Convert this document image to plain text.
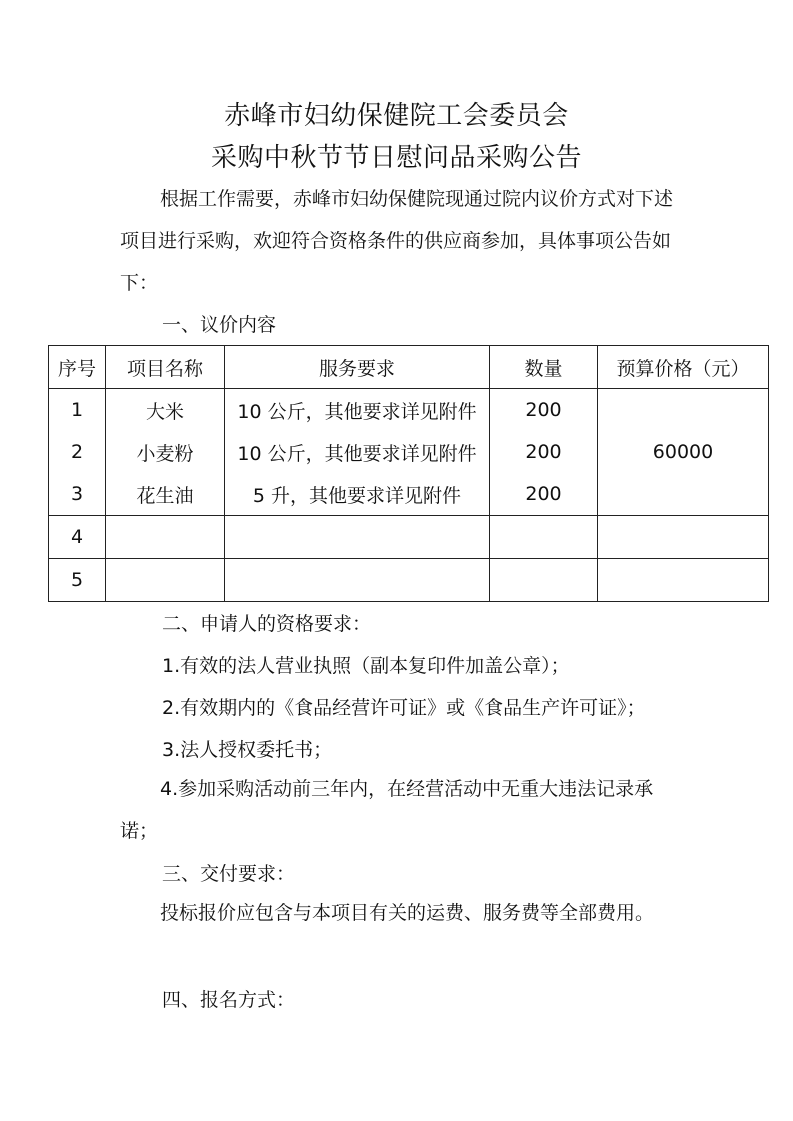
赤峰市妇幼保健院工会委员会
采购中秋节节日慰问品采购公告
根据工作需要，赤峰市妇幼保健院现通过院内议价方式对下述项目进行采购，欢迎符合资格条件的供应商参加，具体事项公告如下：
一、议价内容
序号	项目名称	服务要求	数量	预算价格（元）
1	大米	10 公斤，其他要求详见附件	200	60000
2	小麦粉	10 公斤，其他要求详见附件	200	
3	花生油	5 升，其他要求详见附件	200	
4				
5				
二、申请人的资格要求：
1.有效的法人营业执照（副本复印件加盖公章）；
2.有效期内的《食品经营许可证》或《食品生产许可证》；
3.法人授权委托书；
4.参加采购活动前三年内，在经营活动中无重大违法记录承诺；
三、交付要求：
投标报价应包含与本项目有关的运费、服务费等全部费用。
四、报名方式：
